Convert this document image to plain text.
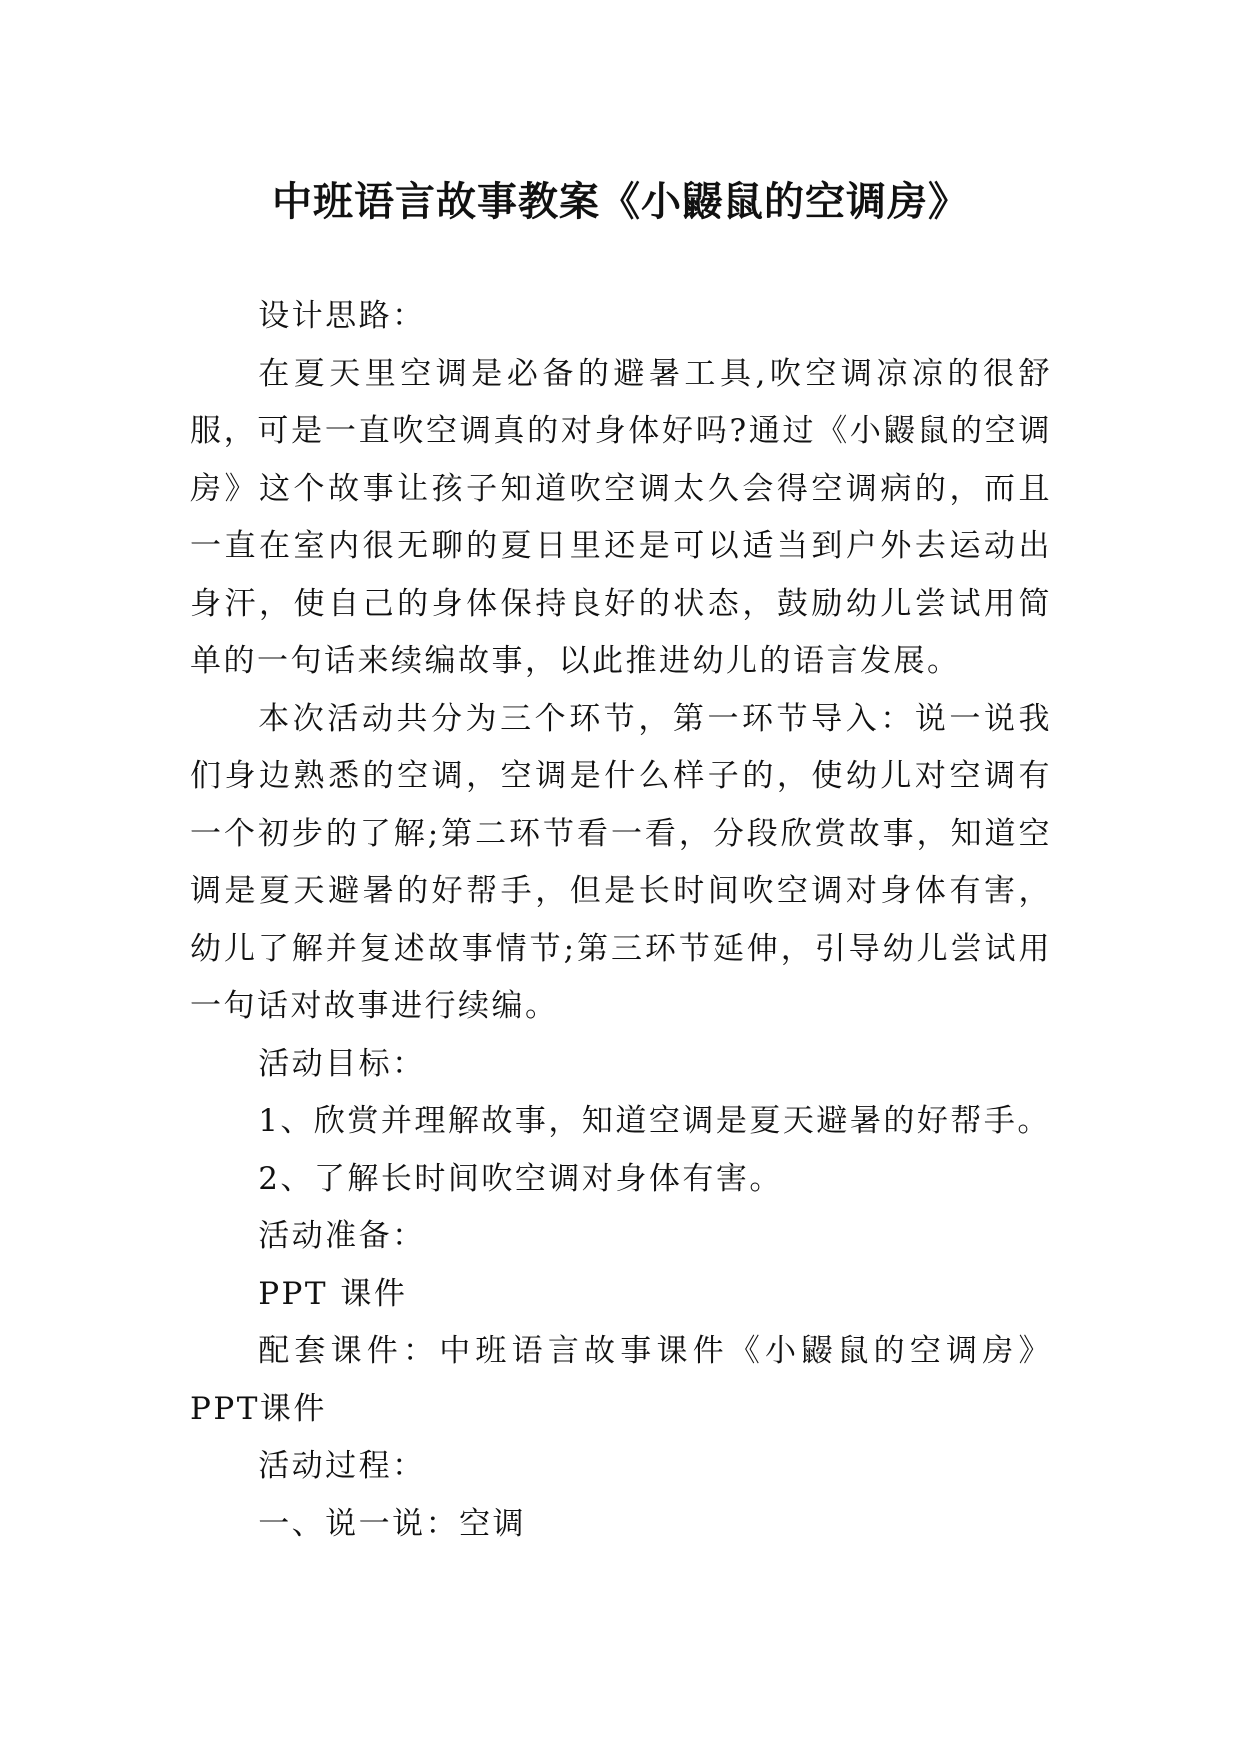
中班语言故事教案《小鼹鼠的空调房》

设计思路：

在夏天里空调是必备的避暑工具,吹空调凉凉的很舒服，可是一直吹空调真的对身体好吗?通过《小鼹鼠的空调房》这个故事让孩子知道吹空调太久会得空调病的，而且一直在室内很无聊的夏日里还是可以适当到户外去运动出身汗，使自己的身体保持良好的状态，鼓励幼儿尝试用简单的一句话来续编故事，以此推进幼儿的语言发展。

本次活动共分为三个环节，第一环节导入：说一说我们身边熟悉的空调，空调是什么样子的，使幼儿对空调有一个初步的了解;第二环节看一看，分段欣赏故事，知道空调是夏天避暑的好帮手，但是长时间吹空调对身体有害，幼儿了解并复述故事情节;第三环节延伸，引导幼儿尝试用一句话对故事进行续编。

活动目标：

1、欣赏并理解故事，知道空调是夏天避暑的好帮手。

2、了解长时间吹空调对身体有害。

活动准备：

PPT 课件

配套课件：中班语言故事课件《小鼹鼠的空调房》PPT课件

活动过程：

一、说一说：空调
